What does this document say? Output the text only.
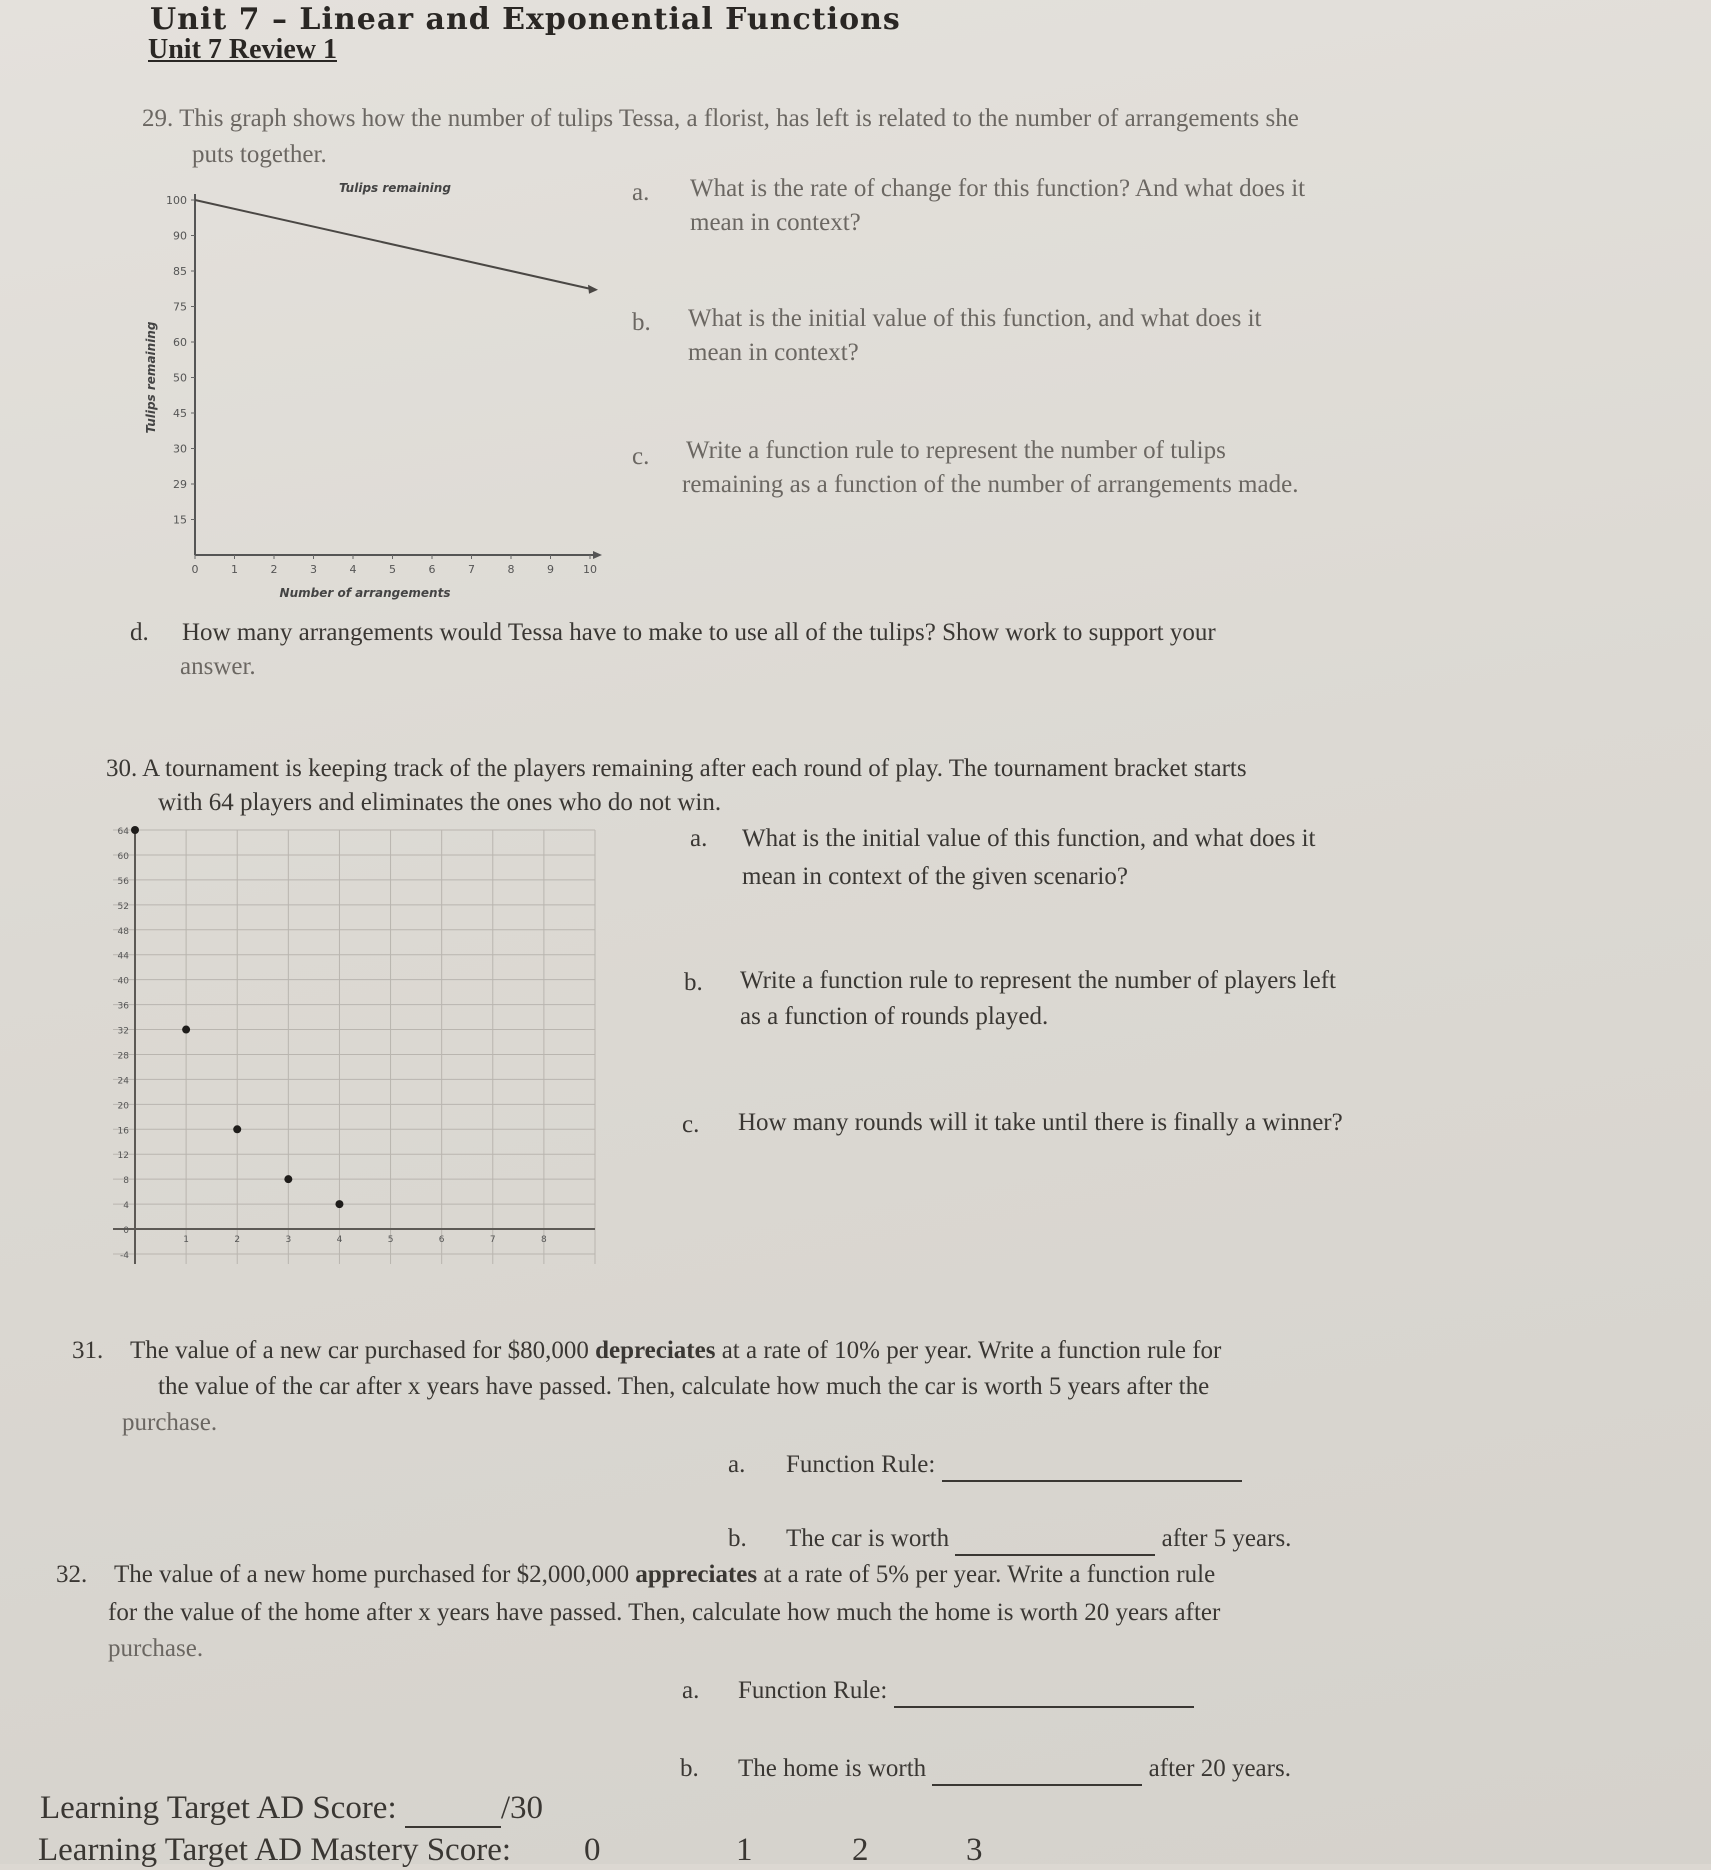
Unit 7 – Linear and Exponential Functions
Unit 7 Review 1
29. This graph shows how the number of tulips Tessa, a florist, has left is related to the number of arrangements she
puts together.
Tulips remaining
15
29
30
45
50
60
75
85
90
100
0	1	2	3	4	5	6	7	8	9	10
Number of arrangements
Tulips remaining
a. What is the rate of change for this function? And what does it
mean in context?
b. What is the initial value of this function, and what does it
mean in context?
c. Write a function rule to represent the number of tulips
remaining as a function of the number of arrangements made.
d. How many arrangements would Tessa have to make to use all of the tulips? Show work to support your
answer.
30. A tournament is keeping track of the players remaining after each round of play. The tournament bracket starts
with 64 players and eliminates the ones who do not win.
64
60
56
52
48
44
40
36
32
28
24
20
16
12
8
4
0
-4
1	2	3	4	5	6	7	8
a. What is the initial value of this function, and what does it
mean in context of the given scenario?
b. Write a function rule to represent the number of players left
as a function of rounds played.
c. How many rounds will it take until there is finally a winner?
31. The value of a new car purchased for $80,000 depreciates at a rate of 10% per year. Write a function rule for
the value of the car after x years have passed. Then, calculate how much the car is worth 5 years after the
purchase.
a. Function Rule:
b. The car is worth	after 5 years.
32. The value of a new home purchased for $2,000,000 appreciates at a rate of 5% per year. Write a function rule
for the value of the home after x years have passed. Then, calculate how much the home is worth 20 years after
purchase.
a. Function Rule:
b. The home is worth	after 20 years.
Learning Target AD Score:	/30
Learning Target AD Mastery Score: 0	1	2	3
